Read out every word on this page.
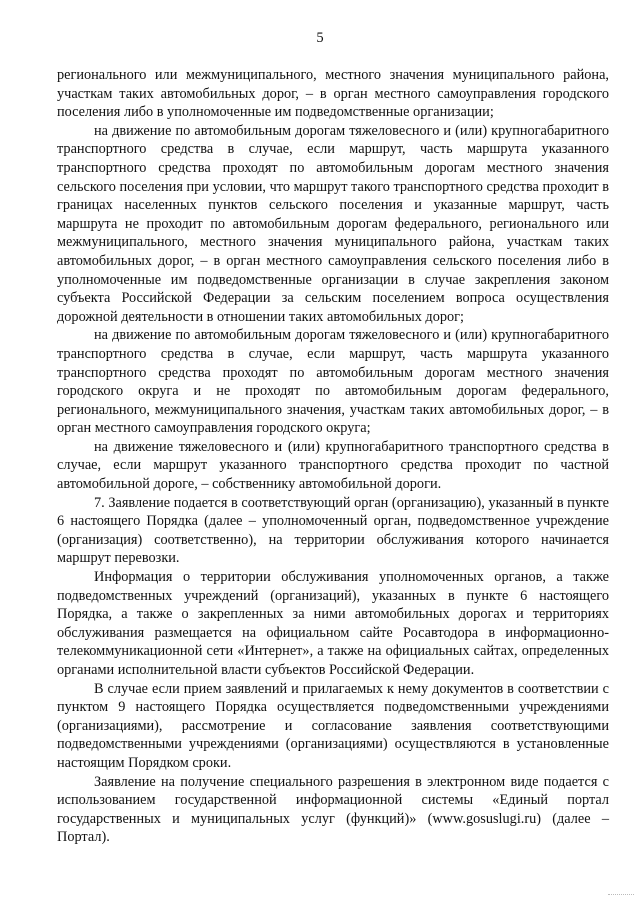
5

регионального или межмуниципального, местного значения муниципального района, участкам таких автомобильных дорог, – в орган местного самоуправления городского поселения либо в уполномоченные им подведомственные организации;

на движение по автомобильным дорогам тяжеловесного и (или) крупногабаритного транспортного средства в случае, если маршрут, часть маршрута указанного транспортного средства проходят по автомобильным дорогам местного значения сельского поселения при условии, что маршрут такого транспортного средства проходит в границах населенных пунктов сельского поселения и указанные маршрут, часть маршрута не проходит по автомобильным дорогам федерального, регионального или межмуниципального, местного значения муниципального района, участкам таких автомобильных дорог, – в орган местного самоуправления сельского поселения либо в уполномоченные им подведомственные организации в случае закрепления законом субъекта Российской Федерации за сельским поселением вопроса осуществления дорожной деятельности в отношении таких автомобильных дорог;

на движение по автомобильным дорогам тяжеловесного и (или) крупногабаритного транспортного средства в случае, если маршрут, часть маршрута указанного транспортного средства проходят по автомобильным дорогам местного значения городского округа и не проходят по автомобильным дорогам федерального, регионального, межмуниципального значения, участкам таких автомобильных дорог, – в орган местного самоуправления городского округа;

на движение тяжеловесного и (или) крупногабаритного транспортного средства в случае, если маршрут указанного транспортного средства проходит по частной автомобильной дороге, – собственнику автомобильной дороги.

7. Заявление подается в соответствующий орган (организацию), указанный в пункте 6 настоящего Порядка (далее – уполномоченный орган, подведомственное учреждение (организация) соответственно), на территории обслуживания которого начинается маршрут перевозки.

Информация о территории обслуживания уполномоченных органов, а также подведомственных учреждений (организаций), указанных в пункте 6 настоящего Порядка, а также о закрепленных за ними автомобильных дорогах и территориях обслуживания размещается на официальном сайте Росавтодора в информационно-телекоммуникационной сети «Интернет», а также на официальных сайтах, определенных органами исполнительной власти субъектов Российской Федерации.

В случае если прием заявлений и прилагаемых к нему документов в соответствии с пунктом 9 настоящего Порядка осуществляется подведомственными учреждениями (организациями), рассмотрение и согласование заявления соответствующими подведомственными учреждениями (организациями) осуществляются в установленные настоящим Порядком сроки.

Заявление на получение специального разрешения в электронном виде подается с использованием государственной информационной системы «Единый портал государственных и муниципальных услуг (функций)» (www.gosuslugi.ru) (далее – Портал).
